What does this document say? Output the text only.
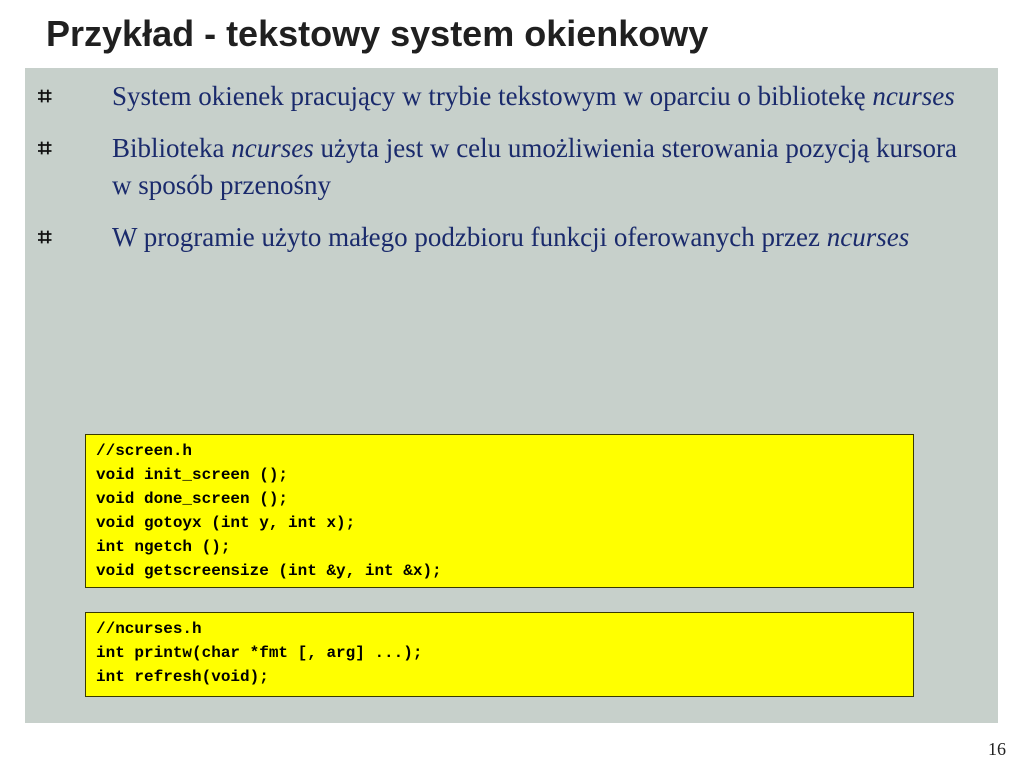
Przykład - tekstowy system okienkowy
⌗
System okienek pracujący w trybie tekstowym w oparciu o bibliotekę ncurses
⌗
Biblioteka ncurses użyta jest w celu umożliwienia sterowania pozycją kursora w sposób przenośny
⌗
W programie użyto małego podzbioru funkcji oferowanych przez ncurses
//screen.h
void init_screen ();
void done_screen ();
void gotoyx (int y, int x);
int ngetch ();
void getscreensize (int &y, int &x);
//ncurses.h
int printw(char *fmt [, arg] ...);
int refresh(void);
16
